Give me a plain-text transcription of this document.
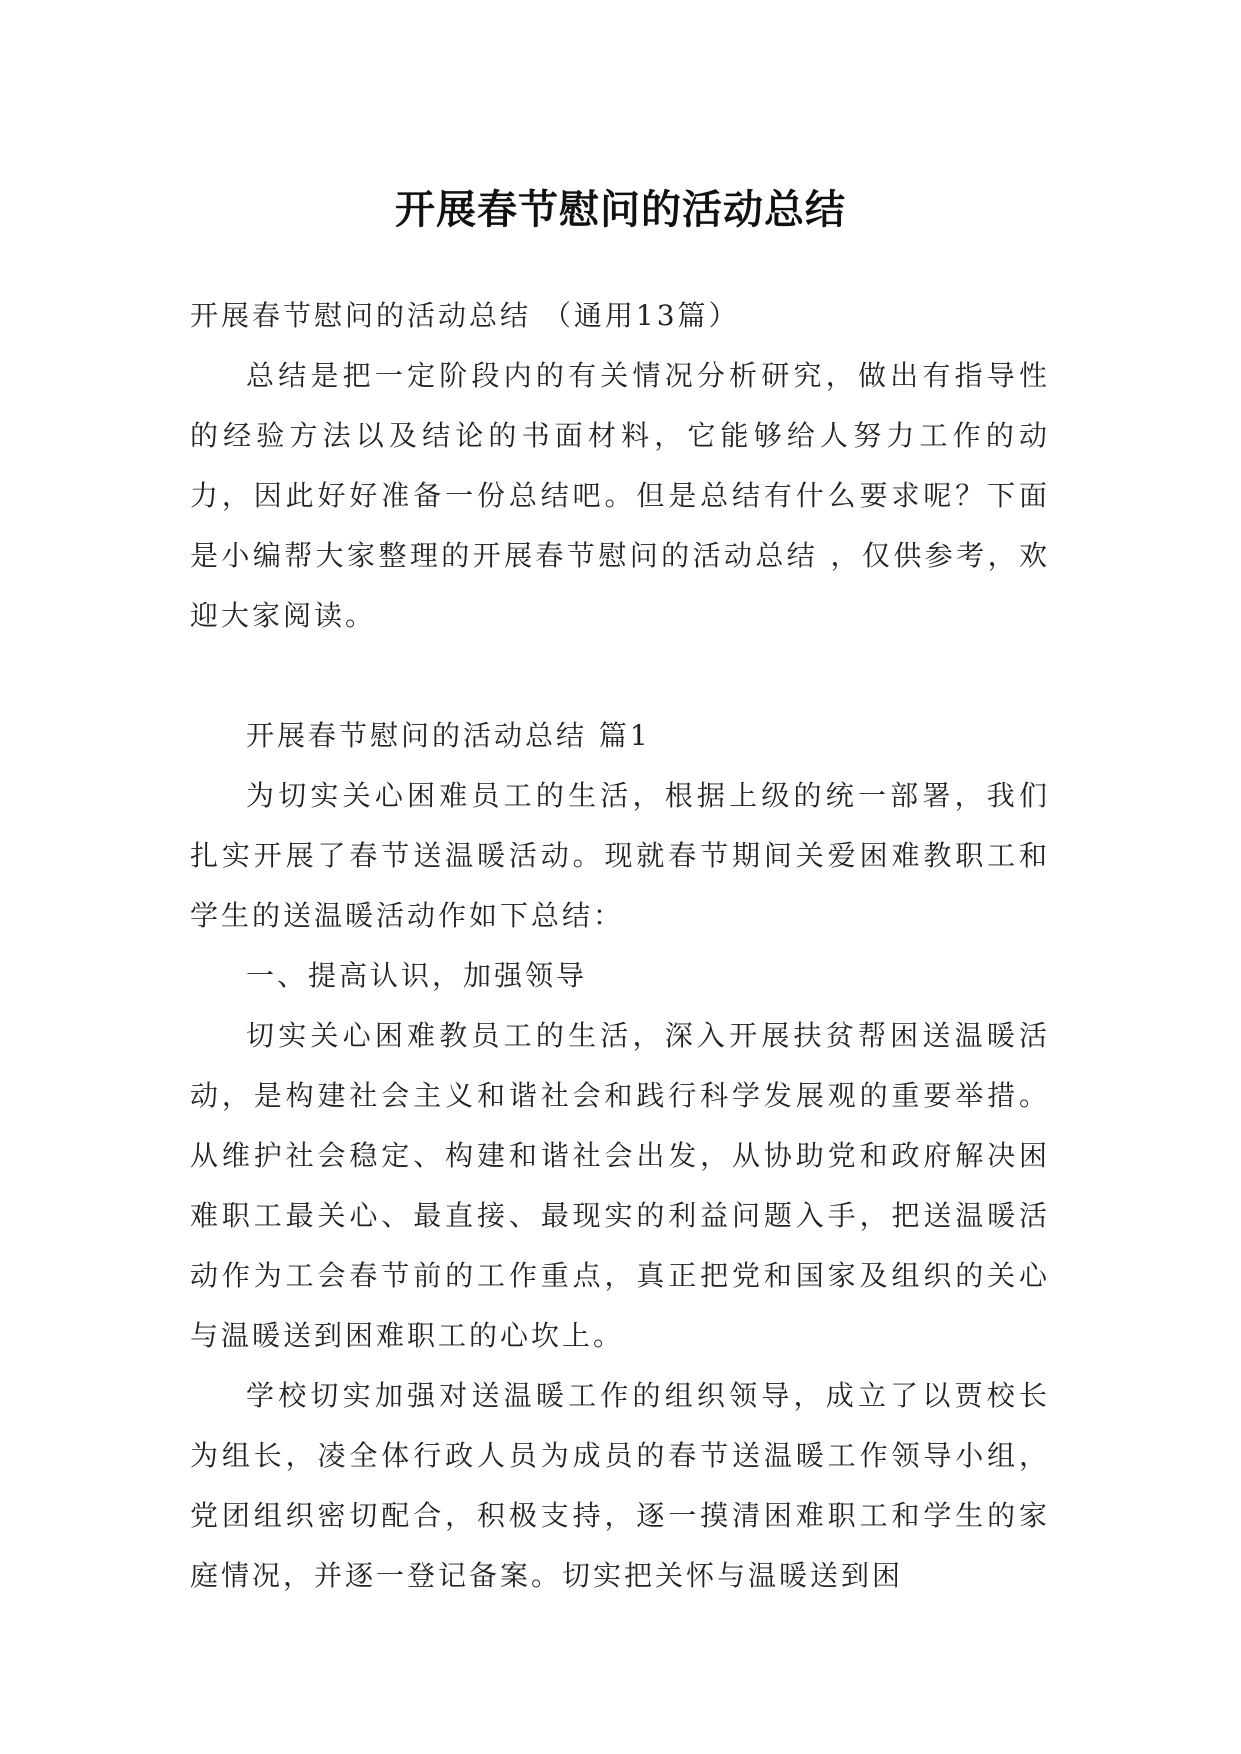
开展春节慰问的活动总结

开展春节慰问的活动总结 （通用13篇）

总结是把一定阶段内的有关情况分析研究，做出有指导性的经验方法以及结论的书面材料，它能够给人努力工作的动力，因此好好准备一份总结吧。但是总结有什么要求呢？下面是小编帮大家整理的开展春节慰问的活动总结 ，仅供参考，欢迎大家阅读。

开展春节慰问的活动总结 篇1

为切实关心困难员工的生活，根据上级的统一部署，我们扎实开展了春节送温暖活动。现就春节期间关爱困难教职工和学生的送温暖活动作如下总结：

一、提高认识，加强领导

切实关心困难教员工的生活，深入开展扶贫帮困送温暖活动，是构建社会主义和谐社会和践行科学发展观的重要举措。从维护社会稳定、构建和谐社会出发，从协助党和政府解决困难职工最关心、最直接、最现实的利益问题入手，把送温暖活动作为工会春节前的工作重点，真正把党和国家及组织的关心与温暖送到困难职工的心坎上。

学校切实加强对送温暖工作的组织领导，成立了以贾校长为组长，凌全体行政人员为成员的春节送温暖工作领导小组，党团组织密切配合，积极支持，逐一摸清困难职工和学生的家庭情况，并逐一登记备案。切实把关怀与温暖送到困
